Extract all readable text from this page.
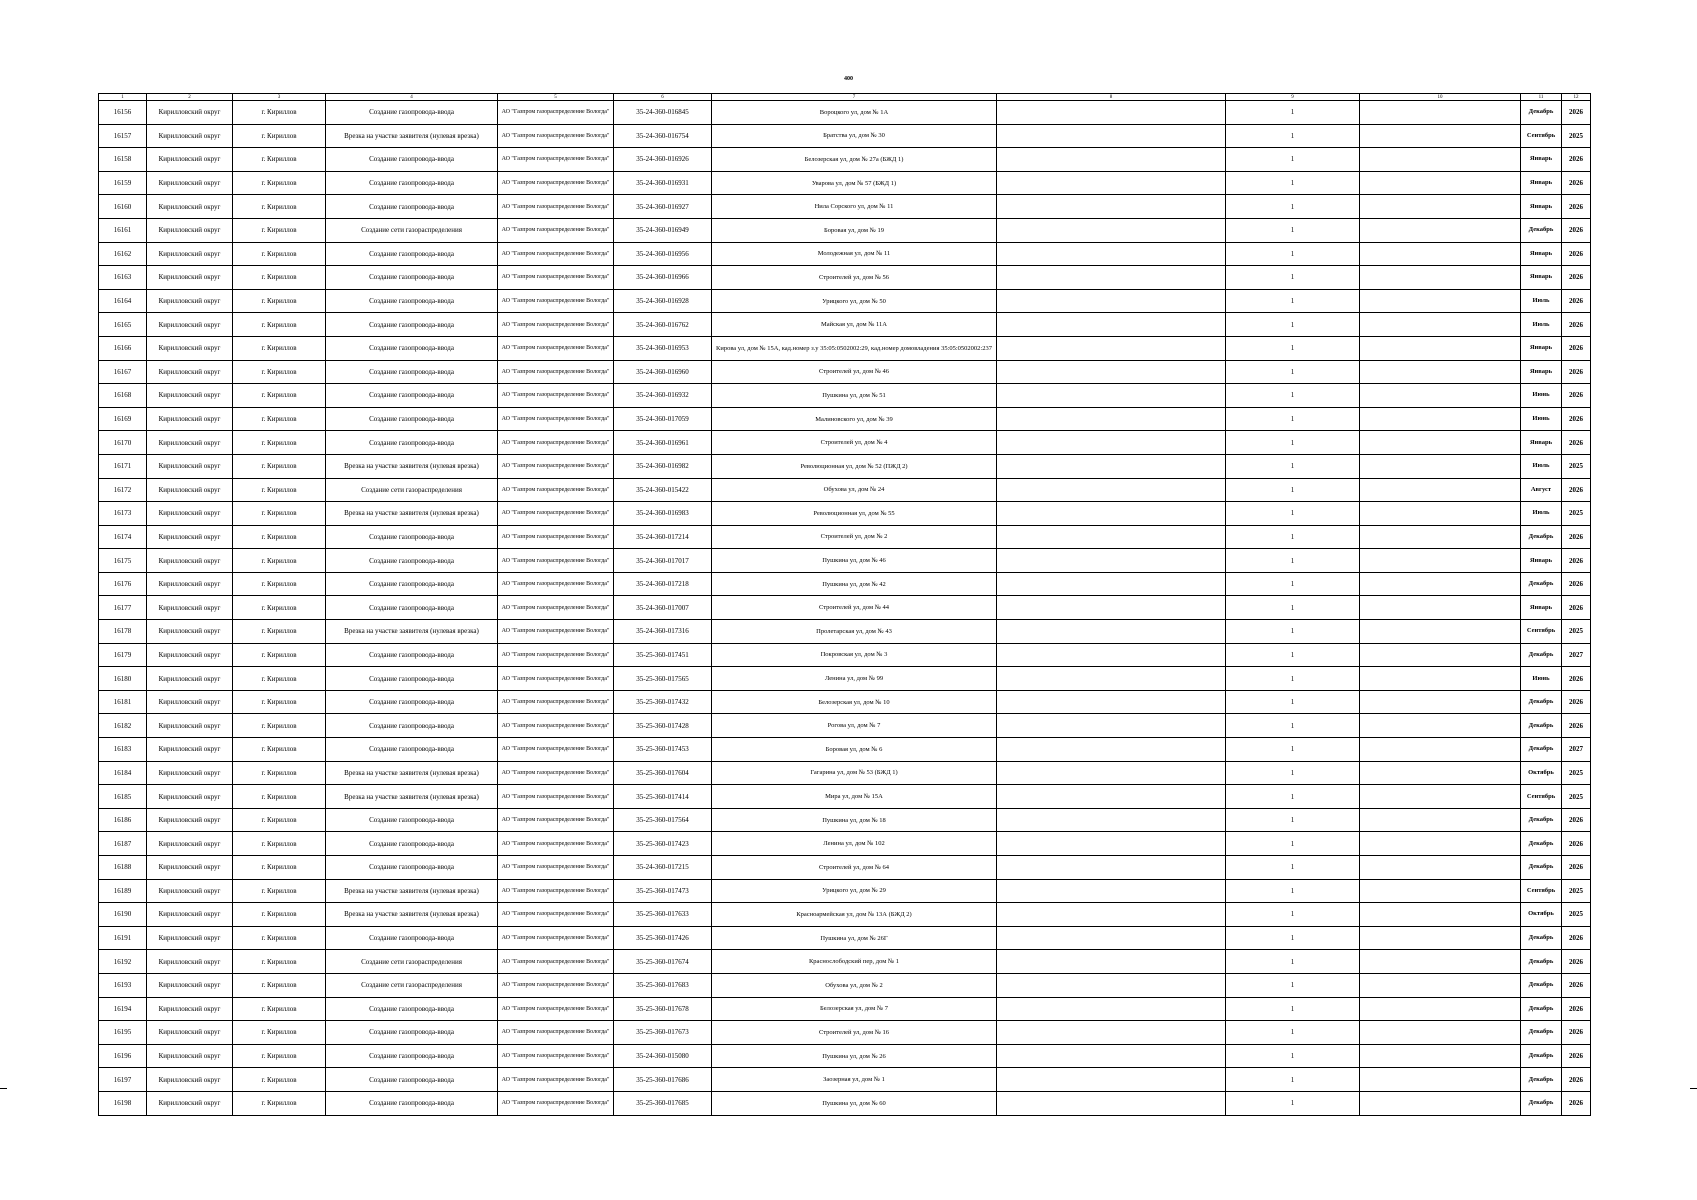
400
1	2	3	4	5	6	7	8	9	10	11	12
16156	Кирилловский округ	г. Кириллов	Создание газопровода-ввода	АО "Газпром газораспределение Вологда"	35-24-360-016845	Вороцкого ул, дом № 1А		1		Декабрь	2026
16157	Кирилловский округ	г. Кириллов	Врезка на участке заявителя (нулевая врезка)	АО "Газпром газораспределение Вологда"	35-24-360-016754	Братства ул, дом № 30		1		Сентябрь	2025
16158	Кирилловский округ	г. Кириллов	Создание газопровода-ввода	АО "Газпром газораспределение Вологда"	35-24-360-016926	Белозерская ул, дом № 27а (БЖД 1)		1		Январь	2026
16159	Кирилловский округ	г. Кириллов	Создание газопровода-ввода	АО "Газпром газораспределение Вологда"	35-24-360-016931	Уварова ул, дом № 57 (БЖД 1)		1		Январь	2026
16160	Кирилловский округ	г. Кириллов	Создание газопровода-ввода	АО "Газпром газораспределение Вологда"	35-24-360-016927	Нила Сорского ул, дом № 11		1		Январь	2026
16161	Кирилловский округ	г. Кириллов	Создание сети газораспределения	АО "Газпром газораспределение Вологда"	35-24-360-016949	Боровая ул, дом № 19		1		Декабрь	2026
16162	Кирилловский округ	г. Кириллов	Создание газопровода-ввода	АО "Газпром газораспределение Вологда"	35-24-360-016956	Молодежная ул, дом № 11		1		Январь	2026
16163	Кирилловский округ	г. Кириллов	Создание газопровода-ввода	АО "Газпром газораспределение Вологда"	35-24-360-016966	Строителей ул, дом № 56		1		Январь	2026
16164	Кирилловский округ	г. Кириллов	Создание газопровода-ввода	АО "Газпром газораспределение Вологда"	35-24-360-016928	Урицкого ул, дом № 50		1		Июль	2026
16165	Кирилловский округ	г. Кириллов	Создание газопровода-ввода	АО "Газпром газораспределение Вологда"	35-24-360-016762	Майская ул, дом № 11А		1		Июль	2026
16166	Кирилловский округ	г. Кириллов	Создание газопровода-ввода	АО "Газпром газораспределение Вологда"	35-24-360-016953	Кирова ул, дом № 15А, кад.номер з.у 35:05:0502002:29, кад.номер домовладения 35:05:0502002:237		1		Январь	2026
16167	Кирилловский округ	г. Кириллов	Создание газопровода-ввода	АО "Газпром газораспределение Вологда"	35-24-360-016960	Строителей ул, дом № 46		1		Январь	2026
16168	Кирилловский округ	г. Кириллов	Создание газопровода-ввода	АО "Газпром газораспределение Вологда"	35-24-360-016932	Пушкина ул, дом № 51		1		Июнь	2026
16169	Кирилловский округ	г. Кириллов	Создание газопровода-ввода	АО "Газпром газораспределение Вологда"	35-24-360-017059	Малиновского ул, дом № 39		1		Июнь	2026
16170	Кирилловский округ	г. Кириллов	Создание газопровода-ввода	АО "Газпром газораспределение Вологда"	35-24-360-016961	Строителей ул, дом № 4		1		Январь	2026
16171	Кирилловский округ	г. Кириллов	Врезка на участке заявителя (нулевая врезка)	АО "Газпром газораспределение Вологда"	35-24-360-016982	Революционная ул, дом № 52 (ПЖД 2)		1		Июль	2025
16172	Кирилловский округ	г. Кириллов	Создание сети газораспределения	АО "Газпром газораспределение Вологда"	35-24-360-015422	Обухова ул, дом № 24		1		Август	2026
16173	Кирилловский округ	г. Кириллов	Врезка на участке заявителя (нулевая врезка)	АО "Газпром газораспределение Вологда"	35-24-360-016983	Революционная ул, дом № 55		1		Июль	2025
16174	Кирилловский округ	г. Кириллов	Создание газопровода-ввода	АО "Газпром газораспределение Вологда"	35-24-360-017214	Строителей ул, дом № 2		1		Декабрь	2026
16175	Кирилловский округ	г. Кириллов	Создание газопровода-ввода	АО "Газпром газораспределение Вологда"	35-24-360-017017	Пушкина ул, дом № 46		1		Январь	2026
16176	Кирилловский округ	г. Кириллов	Создание газопровода-ввода	АО "Газпром газораспределение Вологда"	35-24-360-017218	Пушкина ул, дом № 42		1		Декабрь	2026
16177	Кирилловский округ	г. Кириллов	Создание газопровода-ввода	АО "Газпром газораспределение Вологда"	35-24-360-017007	Строителей ул, дом № 44		1		Январь	2026
16178	Кирилловский округ	г. Кириллов	Врезка на участке заявителя (нулевая врезка)	АО "Газпром газораспределение Вологда"	35-24-360-017316	Пролетарская ул, дом № 43		1		Сентябрь	2025
16179	Кирилловский округ	г. Кириллов	Создание газопровода-ввода	АО "Газпром газораспределение Вологда"	35-25-360-017451	Покровская ул, дом № 3		1		Декабрь	2027
16180	Кирилловский округ	г. Кириллов	Создание газопровода-ввода	АО "Газпром газораспределение Вологда"	35-25-360-017565	Ленина ул, дом № 99		1		Июнь	2026
16181	Кирилловский округ	г. Кириллов	Создание газопровода-ввода	АО "Газпром газораспределение Вологда"	35-25-360-017432	Белозерская ул, дом № 10		1		Декабрь	2026
16182	Кирилловский округ	г. Кириллов	Создание газопровода-ввода	АО "Газпром газораспределение Вологда"	35-25-360-017428	Рогова ул, дом № 7		1		Декабрь	2026
16183	Кирилловский округ	г. Кириллов	Создание газопровода-ввода	АО "Газпром газораспределение Вологда"	35-25-360-017453	Боровая ул, дом № 6		1		Декабрь	2027
16184	Кирилловский округ	г. Кириллов	Врезка на участке заявителя (нулевая врезка)	АО "Газпром газораспределение Вологда"	35-25-360-017604	Гагарина ул, дом № 53 (БЖД 1)		1		Октябрь	2025
16185	Кирилловский округ	г. Кириллов	Врезка на участке заявителя (нулевая врезка)	АО "Газпром газораспределение Вологда"	35-25-360-017414	Мира ул, дом № 15А		1		Сентябрь	2025
16186	Кирилловский округ	г. Кириллов	Создание газопровода-ввода	АО "Газпром газораспределение Вологда"	35-25-360-017564	Пушкина ул, дом № 18		1		Декабрь	2026
16187	Кирилловский округ	г. Кириллов	Создание газопровода-ввода	АО "Газпром газораспределение Вологда"	35-25-360-017423	Ленина ул, дом № 102		1		Декабрь	2026
16188	Кирилловский округ	г. Кириллов	Создание газопровода-ввода	АО "Газпром газораспределение Вологда"	35-24-360-017215	Строителей ул, дом № 64		1		Декабрь	2026
16189	Кирилловский округ	г. Кириллов	Врезка на участке заявителя (нулевая врезка)	АО "Газпром газораспределение Вологда"	35-25-360-017473	Урицкого ул, дом № 29		1		Сентябрь	2025
16190	Кирилловский округ	г. Кириллов	Врезка на участке заявителя (нулевая врезка)	АО "Газпром газораспределение Вологда"	35-25-360-017633	Красноармейская ул, дом № 13А (БЖД 2)		1		Октябрь	2025
16191	Кирилловский округ	г. Кириллов	Создание газопровода-ввода	АО "Газпром газораспределение Вологда"	35-25-360-017426	Пушкина ул, дом № 26Г		1		Декабрь	2026
16192	Кирилловский округ	г. Кириллов	Создание сети газораспределения	АО "Газпром газораспределение Вологда"	35-25-360-017674	Краснослободский пер, дом № 1		1		Декабрь	2026
16193	Кирилловский округ	г. Кириллов	Создание сети газораспределения	АО "Газпром газораспределение Вологда"	35-25-360-017683	Обухова ул, дом № 2		1		Декабрь	2026
16194	Кирилловский округ	г. Кириллов	Создание газопровода-ввода	АО "Газпром газораспределение Вологда"	35-25-360-017678	Белозерская ул, дом № 7		1		Декабрь	2026
16195	Кирилловский округ	г. Кириллов	Создание газопровода-ввода	АО "Газпром газораспределение Вологда"	35-25-360-017673	Строителей ул, дом № 16		1		Декабрь	2026
16196	Кирилловский округ	г. Кириллов	Создание газопровода-ввода	АО "Газпром газораспределение Вологда"	35-24-360-015080	Пушкина ул, дом № 26		1		Декабрь	2026
16197	Кирилловский округ	г. Кириллов	Создание газопровода-ввода	АО "Газпром газораспределение Вологда"	35-25-360-017686	Заозерная ул, дом № 1		1		Декабрь	2026
16198	Кирилловский округ	г. Кириллов	Создание газопровода-ввода	АО "Газпром газораспределение Вологда"	35-25-360-017685	Пушкина ул, дом № 60		1		Декабрь	2026
